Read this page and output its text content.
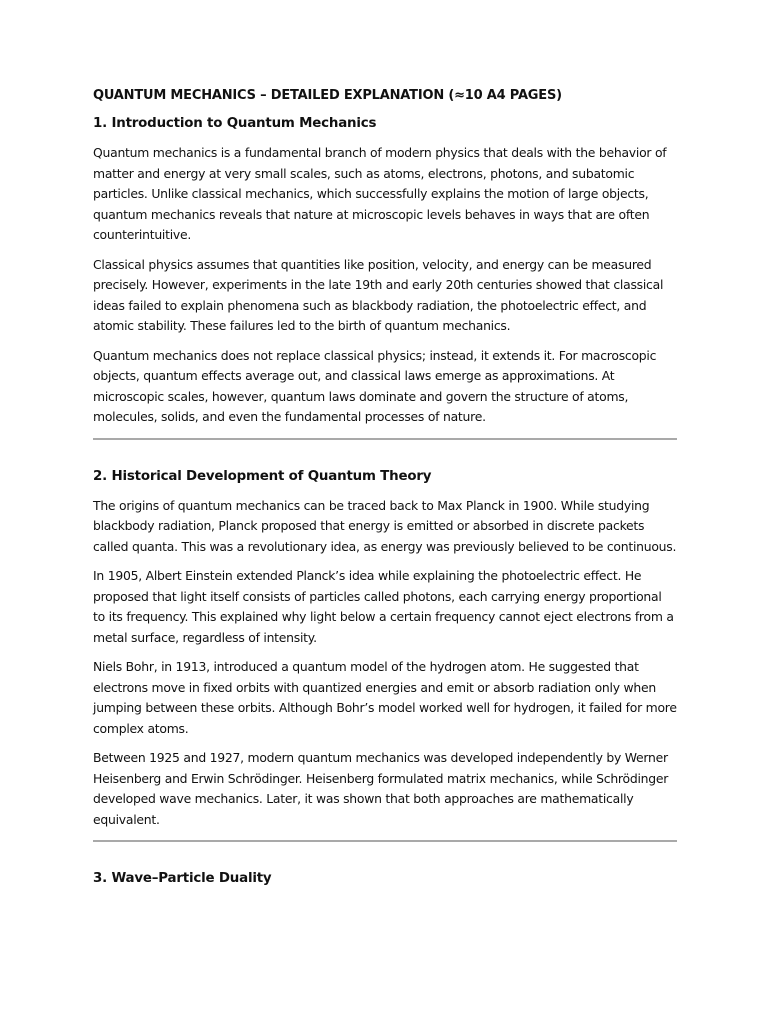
QUANTUM MECHANICS – DETAILED EXPLANATION (≈10 A4 PAGES)
1. Introduction to Quantum Mechanics

Quantum mechanics is a fundamental branch of modern physics that deals with the behavior of matter and energy at very small scales, such as atoms, electrons, photons, and subatomic particles. Unlike classical mechanics, which successfully explains the motion of large objects, quantum mechanics reveals that nature at microscopic levels behaves in ways that are often counterintuitive.

Classical physics assumes that quantities like position, velocity, and energy can be measured precisely. However, experiments in the late 19th and early 20th centuries showed that classical ideas failed to explain phenomena such as blackbody radiation, the photoelectric effect, and atomic stability. These failures led to the birth of quantum mechanics.

Quantum mechanics does not replace classical physics; instead, it extends it. For macroscopic objects, quantum effects average out, and classical laws emerge as approximations. At microscopic scales, however, quantum laws dominate and govern the structure of atoms, molecules, solids, and even the fundamental processes of nature.

2. Historical Development of Quantum Theory

The origins of quantum mechanics can be traced back to Max Planck in 1900. While studying blackbody radiation, Planck proposed that energy is emitted or absorbed in discrete packets called quanta. This was a revolutionary idea, as energy was previously believed to be continuous.

In 1905, Albert Einstein extended Planck’s idea while explaining the photoelectric effect. He proposed that light itself consists of particles called photons, each carrying energy proportional to its frequency. This explained why light below a certain frequency cannot eject electrons from a metal surface, regardless of intensity.

Niels Bohr, in 1913, introduced a quantum model of the hydrogen atom. He suggested that electrons move in fixed orbits with quantized energies and emit or absorb radiation only when jumping between these orbits. Although Bohr’s model worked well for hydrogen, it failed for more complex atoms.

Between 1925 and 1927, modern quantum mechanics was developed independently by Werner Heisenberg and Erwin Schrödinger. Heisenberg formulated matrix mechanics, while Schrödinger developed wave mechanics. Later, it was shown that both approaches are mathematically equivalent.

3. Wave–Particle Duality
